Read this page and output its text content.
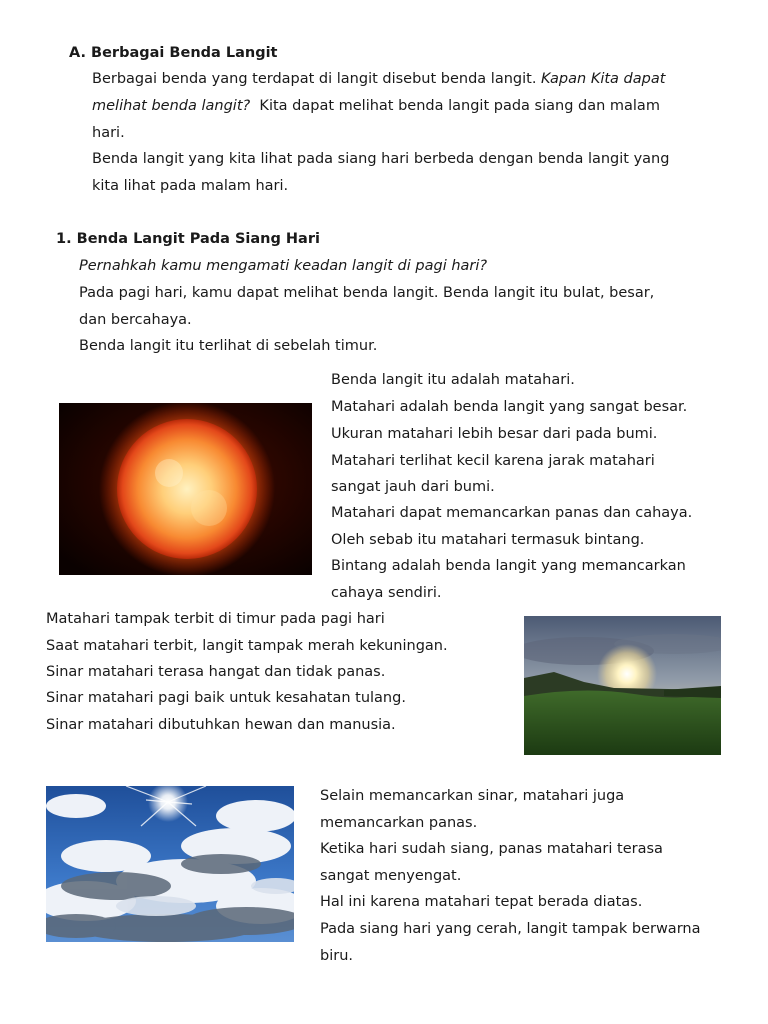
A. Berbagai Benda Langit
Berbagai benda yang terdapat di langit disebut benda langit. Kapan Kita dapat
melihat benda langit?  Kita dapat melihat benda langit pada siang dan malam
hari.
Benda langit yang kita lihat pada siang hari berbeda dengan benda langit yang
kita lihat pada malam hari.
1. Benda Langit Pada Siang Hari
Pernahkah kamu mengamati keadan langit di pagi hari?
Pada pagi hari, kamu dapat melihat benda langit. Benda langit itu bulat, besar,
dan bercahaya.
Benda langit itu terlihat di sebelah timur.
Benda langit itu adalah matahari.
Matahari adalah benda langit yang sangat besar.
Ukuran matahari lebih besar dari pada bumi.
Matahari terlihat kecil karena jarak matahari
sangat jauh dari bumi.
Matahari dapat memancarkan panas dan cahaya.
Oleh sebab itu matahari termasuk bintang.
Bintang adalah benda langit yang memancarkan
cahaya sendiri.
Matahari tampak terbit di timur pada pagi hari
Saat matahari terbit, langit tampak merah kekuningan.
Sinar matahari terasa hangat dan tidak panas.
Sinar matahari pagi baik untuk kesahatan tulang.
Sinar matahari dibutuhkan hewan dan manusia.
Selain memancarkan sinar, matahari juga
memancarkan panas.
Ketika hari sudah siang, panas matahari terasa
sangat menyengat.
Hal ini karena matahari tepat berada diatas.
Pada siang hari yang cerah, langit tampak berwarna
biru.
